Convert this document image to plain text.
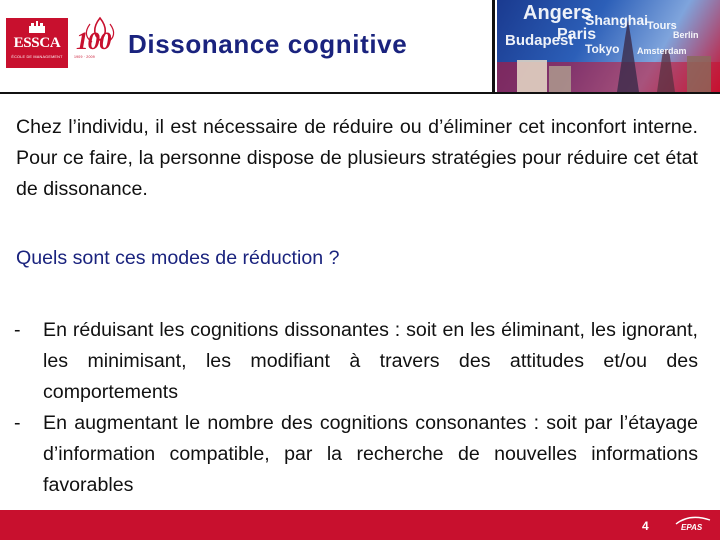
ESSCA
ÉCOLE DE MANAGEMENT
100
1909 · 2009 Dissonance cognitive
Angers
Shanghai
Paris
Budapest Tokyo Amsterdam
Berlin
Tours

Chez l’individu, il est nécessaire de réduire ou d’éliminer cet inconfort interne. Pour ce faire, la personne dispose de plusieurs stratégies pour réduire cet état de dissonance.

Quels sont ces modes de réduction ?

- En réduisant les cognitions dissonantes : soit en les éliminant, les ignorant, les minimisant, les modifiant à travers des attitudes et/ou des comportements
- En augmentant le nombre des cognitions consonantes : soit par l’étayage d’information compatible, par la recherche de nouvelles informations favorables
4	EPAS
